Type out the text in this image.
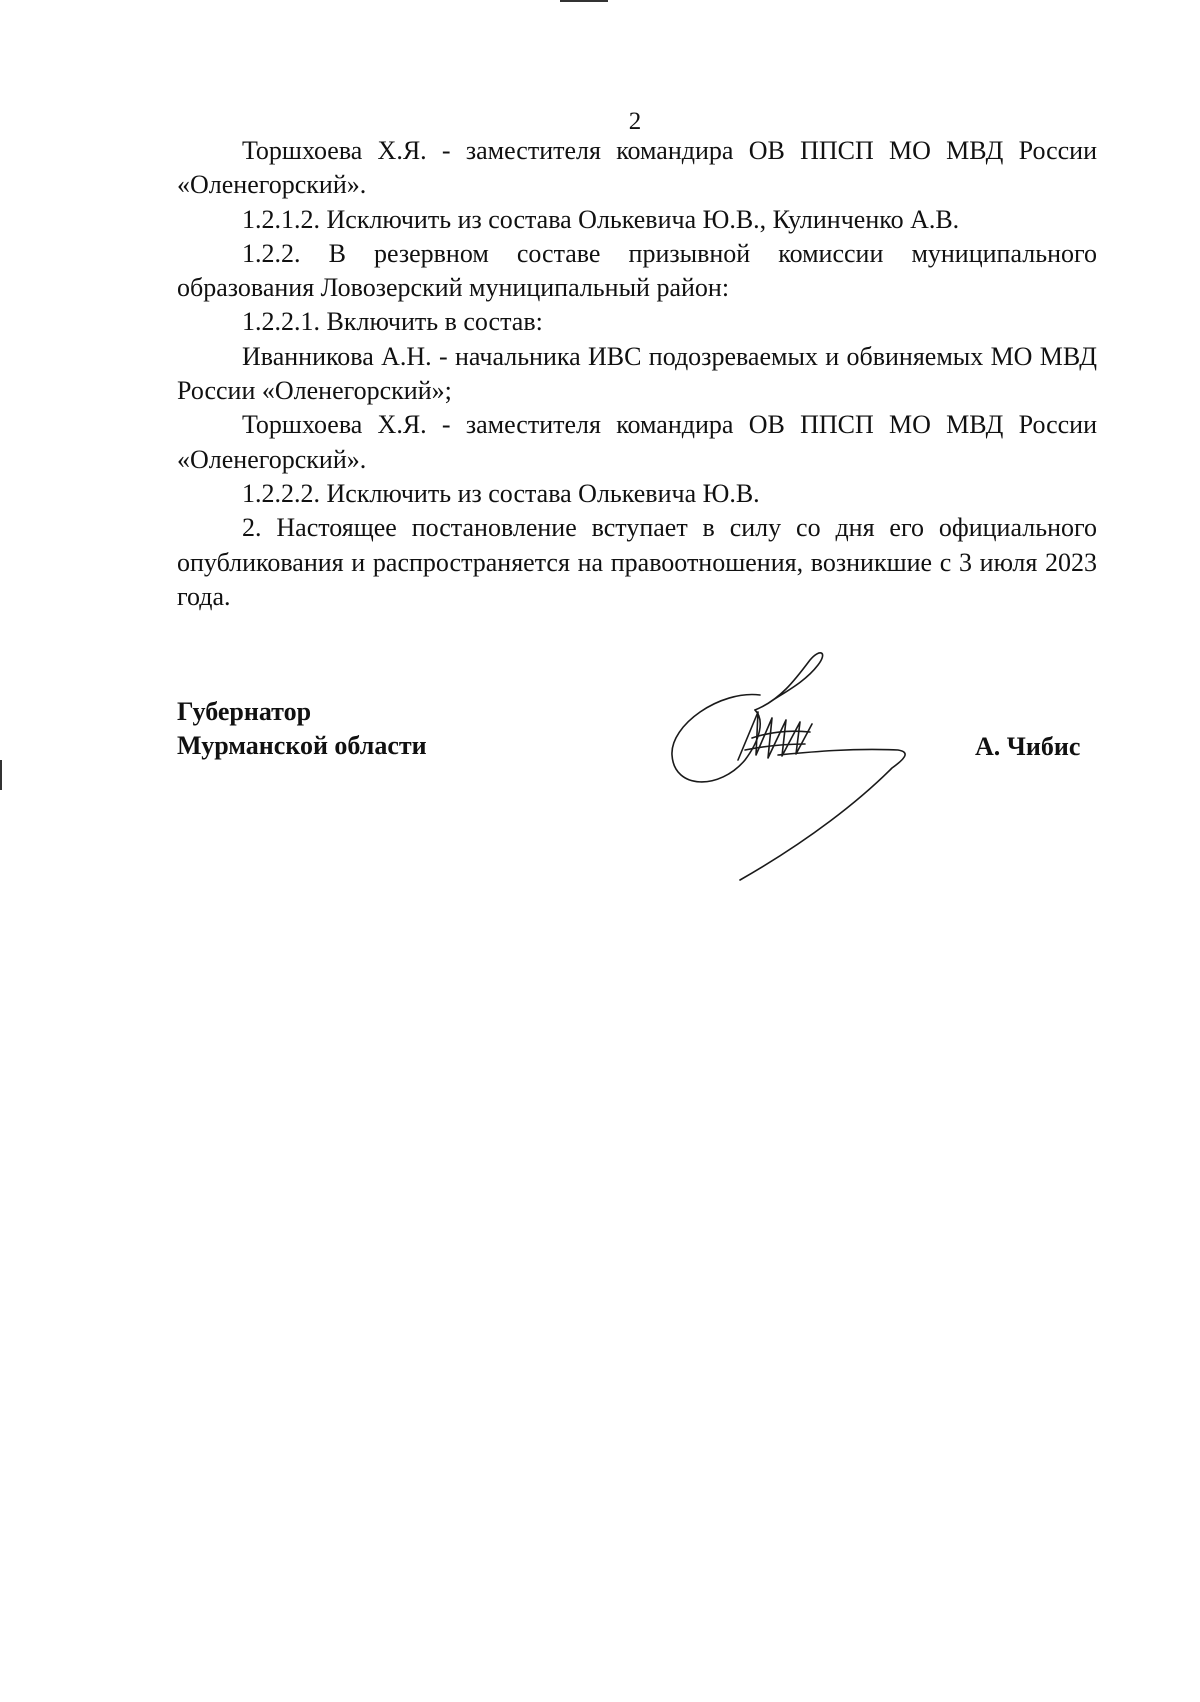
2

Торшхоева Х.Я. - заместителя командира ОВ ППСП МО МВД России «Оленегорский».

1.2.1.2. Исключить из состава Олькевича Ю.В., Кулинченко А.В.

1.2.2. В резервном составе призывной комиссии муниципального образования Ловозерский муниципальный район:

1.2.2.1. Включить в состав:

Иванникова А.Н. - начальника ИВС подозреваемых и обвиняемых МО МВД России «Оленегорский»;

Торшхоева Х.Я. - заместителя командира ОВ ППСП МО МВД России «Оленегорский».

1.2.2.2. Исключить из состава Олькевича Ю.В.

2. Настоящее постановление вступает в силу со дня его официального опубликования и распространяется на правоотношения, возникшие с 3 июля 2023 года.

Губернатор
Мурманской области	А. Чибис
